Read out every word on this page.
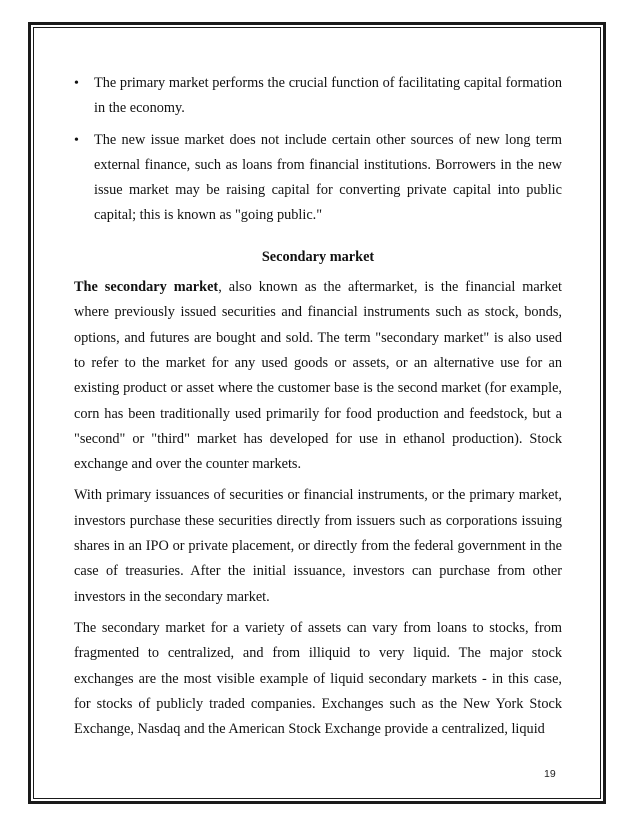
• The primary market performs the crucial function of facilitating capital formation in the economy.
• The new issue market does not include certain other sources of new long term external finance, such as loans from financial institutions. Borrowers in the new issue market may be raising capital for converting private capital into public capital; this is known as "going public."
Secondary market

The secondary market, also known as the aftermarket, is the financial market where previously issued securities and financial instruments such as stock, bonds, options, and futures are bought and sold. The term "secondary market" is also used to refer to the market for any used goods or assets, or an alternative use for an existing product or asset where the customer base is the second market (for example, corn has been traditionally used primarily for food production and feedstock, but a "second" or "third" market has developed for use in ethanol production). Stock exchange and over the counter markets.

With primary issuances of securities or financial instruments, or the primary market, investors purchase these securities directly from issuers such as corporations issuing shares in an IPO or private placement, or directly from the federal government in the case of treasuries. After the initial issuance, investors can purchase from other investors in the secondary market.

The secondary market for a variety of assets can vary from loans to stocks, from fragmented to centralized, and from illiquid to very liquid. The major stock exchanges are the most visible example of liquid secondary markets - in this case, for stocks of publicly traded companies. Exchanges such as the New York Stock Exchange, Nasdaq and the American Stock Exchange provide a centralized, liquid

19
